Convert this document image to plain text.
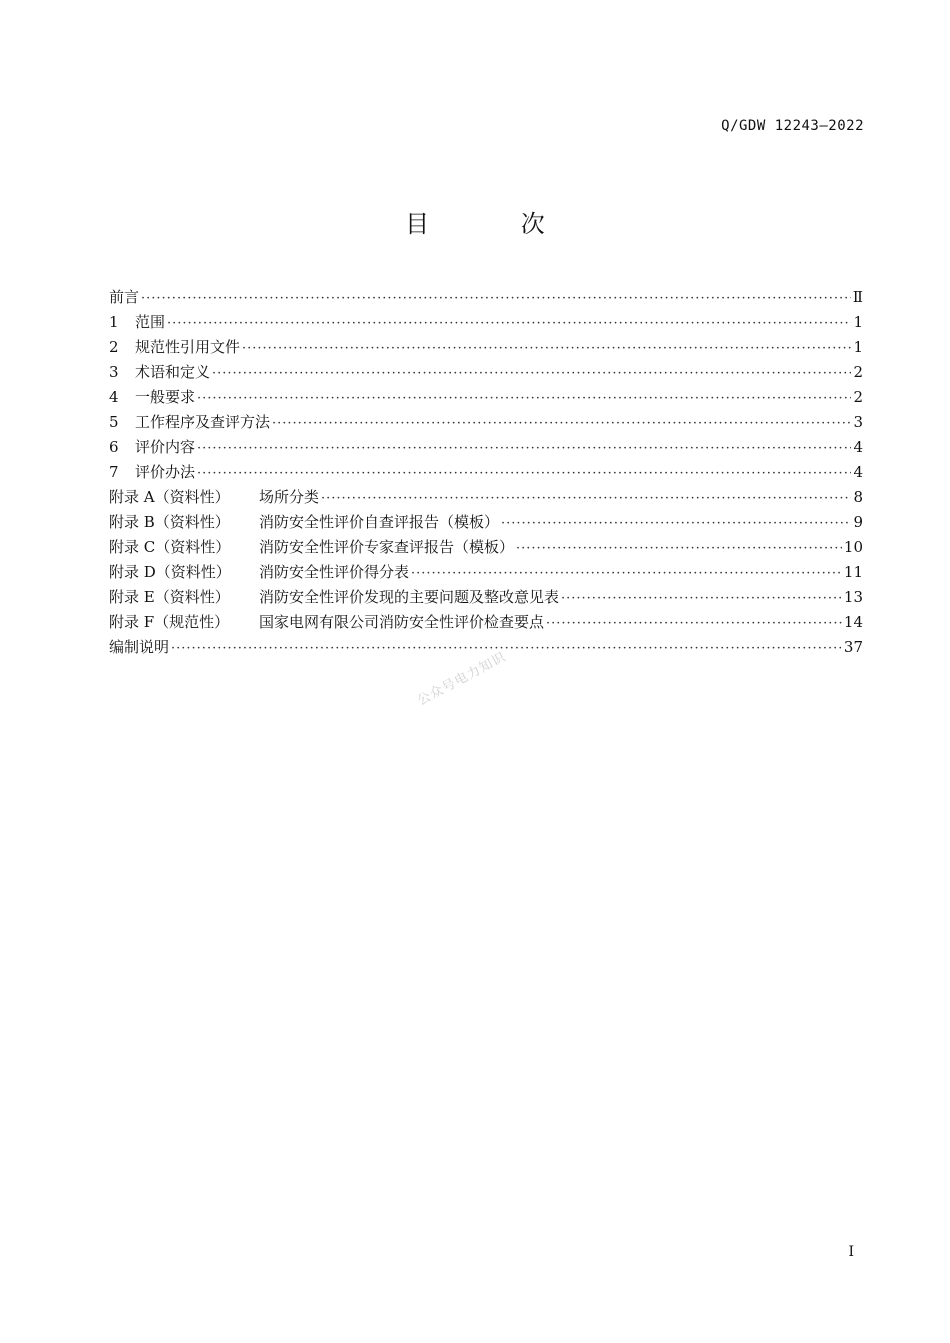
Q/GDW 12243—2022
目 次
前言 ·····	Ⅱ
1	范围 ·····	1
2	规范性引用文件 ·····	1
3	术语和定义 ·····	2
4	一般要求 ·····	2
5	工作程序及查评方法 ·····	3
6	评价内容 ·····	4
7	评价办法 ·····	4
附录 A（资料性）	场所分类 ·····	8
附录 B（资料性）	消防安全性评价自查评报告（模板） ·····	9
附录 C（资料性）	消防安全性评价专家查评报告（模板） ·····	10
附录 D（资料性）	消防安全性评价得分表 ·····	11
附录 E（资料性）	消防安全性评价发现的主要问题及整改意见表 ·····	13
附录 F（规范性）	国家电网有限公司消防安全性评价检查要点 ·····	14
编制说明 ·····	37
公众号电力知识
I
